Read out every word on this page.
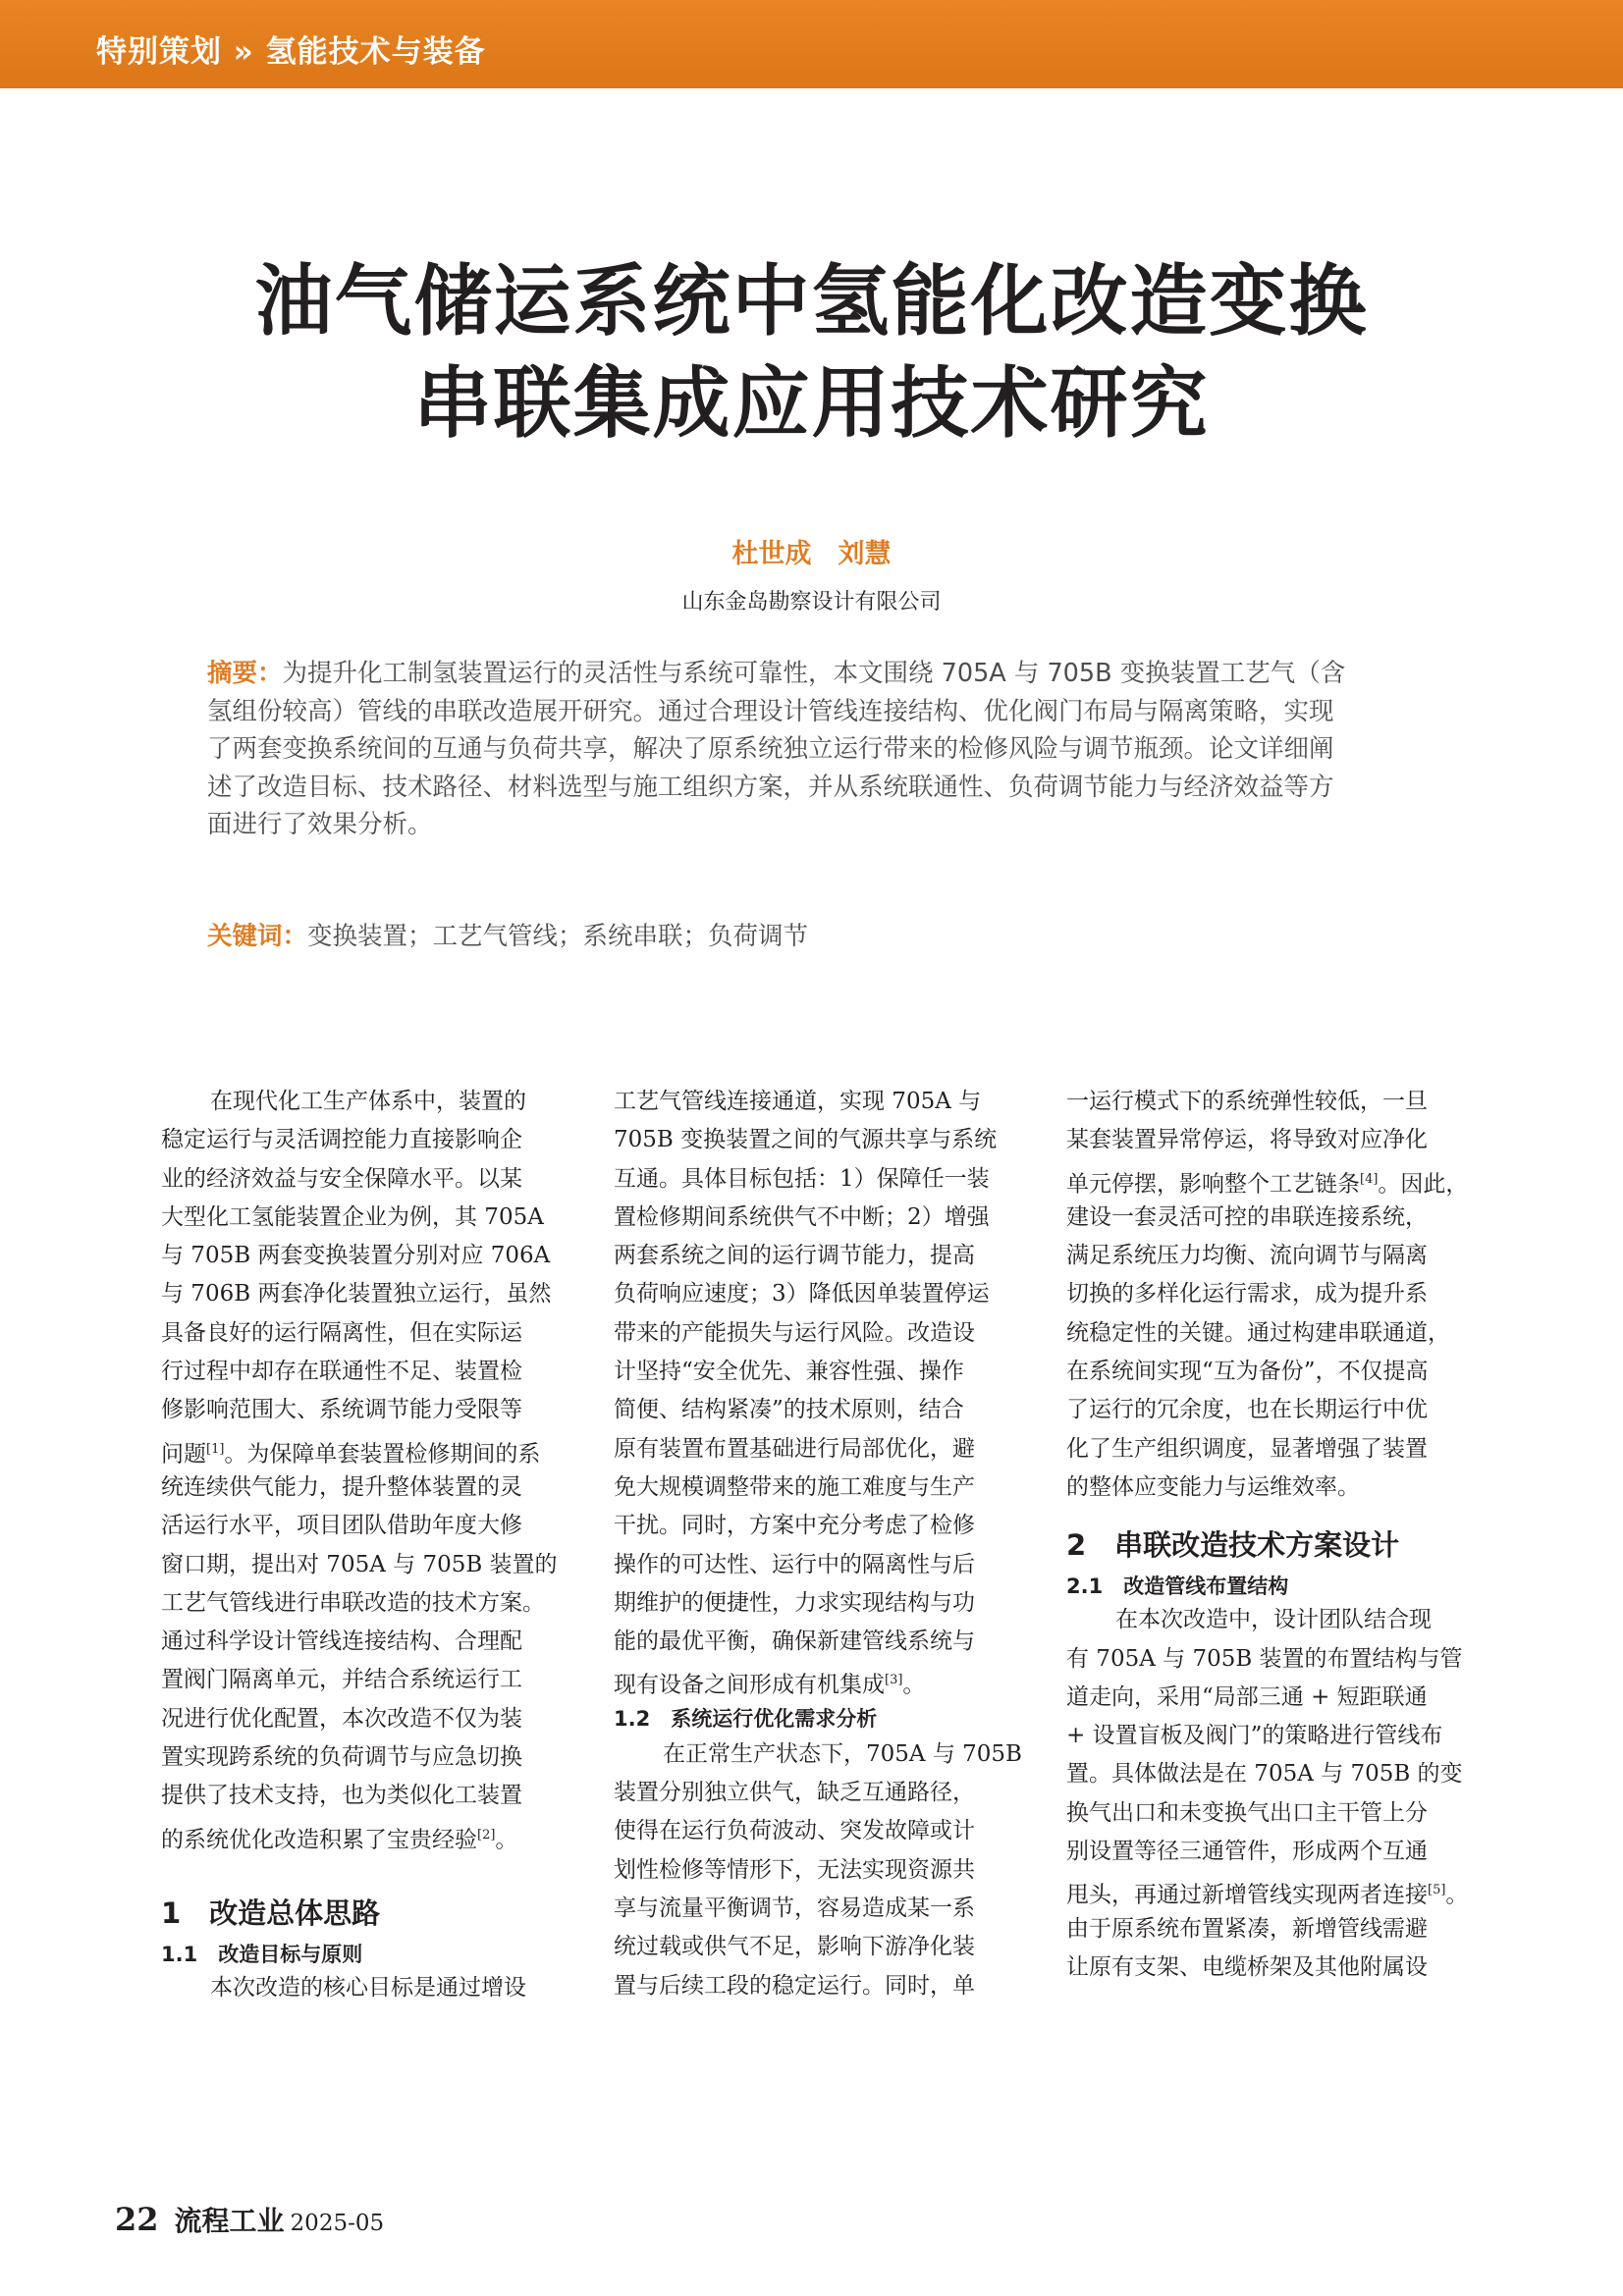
特别策划 » 氢能技术与装备
油气储运系统中氢能化改造变换
串联集成应用技术研究
杜世成　刘慧
山东金岛勘察设计有限公司
摘要：为提升化工制氢装置运行的灵活性与系统可靠性，本文围绕 705A 与 705B 变换装置工艺气（含
氢组份较高）管线的串联改造展开研究。通过合理设计管线连接结构、优化阀门布局与隔离策略，实现
了两套变换系统间的互通与负荷共享，解决了原系统独立运行带来的检修风险与调节瓶颈。论文详细阐
述了改造目标、技术路径、材料选型与施工组织方案，并从系统联通性、负荷调节能力与经济效益等方
面进行了效果分析。
关键词：变换装置；工艺气管线；系统串联；负荷调节
在现代化工生产体系中，装置的
稳定运行与灵活调控能力直接影响企
业的经济效益与安全保障水平。以某
大型化工氢能装置企业为例，其 705A
与 705B 两套变换装置分别对应 706A
与 706B 两套净化装置独立运行，虽然
具备良好的运行隔离性，但在实际运
行过程中却存在联通性不足、装置检
修影响范围大、系统调节能力受限等
问题[1]。为保障单套装置检修期间的系
统连续供气能力，提升整体装置的灵
活运行水平，项目团队借助年度大修
窗口期，提出对 705A 与 705B 装置的
工艺气管线进行串联改造的技术方案。
通过科学设计管线连接结构、合理配
置阀门隔离单元，并结合系统运行工
况进行优化配置，本次改造不仅为装
置实现跨系统的负荷调节与应急切换
提供了技术支持，也为类似化工装置
的系统优化改造积累了宝贵经验[2]。
1　改造总体思路
1.1　改造目标与原则
本次改造的核心目标是通过增设
工艺气管线连接通道，实现 705A 与
705B 变换装置之间的气源共享与系统
互通。具体目标包括：1）保障任一装
置检修期间系统供气不中断；2）增强
两套系统之间的运行调节能力，提高
负荷响应速度；3）降低因单装置停运
带来的产能损失与运行风险。改造设
计坚持“安全优先、兼容性强、操作
简便、结构紧凑”的技术原则，结合
原有装置布置基础进行局部优化，避
免大规模调整带来的施工难度与生产
干扰。同时，方案中充分考虑了检修
操作的可达性、运行中的隔离性与后
期维护的便捷性，力求实现结构与功
能的最优平衡，确保新建管线系统与
现有设备之间形成有机集成[3]。
1.2　系统运行优化需求分析
在正常生产状态下，705A 与 705B
装置分别独立供气，缺乏互通路径，
使得在运行负荷波动、突发故障或计
划性检修等情形下，无法实现资源共
享与流量平衡调节，容易造成某一系
统过载或供气不足，影响下游净化装
置与后续工段的稳定运行。同时，单
一运行模式下的系统弹性较低，一旦
某套装置异常停运，将导致对应净化
单元停摆，影响整个工艺链条[4]。因此，
建设一套灵活可控的串联连接系统，
满足系统压力均衡、流向调节与隔离
切换的多样化运行需求，成为提升系
统稳定性的关键。通过构建串联通道，
在系统间实现“互为备份”，不仅提高
了运行的冗余度，也在长期运行中优
化了生产组织调度，显著增强了装置
的整体应变能力与运维效率。
2　串联改造技术方案设计
2.1　改造管线布置结构
在本次改造中，设计团队结合现
有 705A 与 705B 装置的布置结构与管
道走向，采用“局部三通 + 短距联通
+ 设置盲板及阀门”的策略进行管线布
置。具体做法是在 705A 与 705B 的变
换气出口和未变换气出口主干管上分
别设置等径三通管件，形成两个互通
甩头，再通过新增管线实现两者连接[5]。
由于原系统布置紧凑，新增管线需避
让原有支架、电缆桥架及其他附属设
22 流程工业 2025-05
